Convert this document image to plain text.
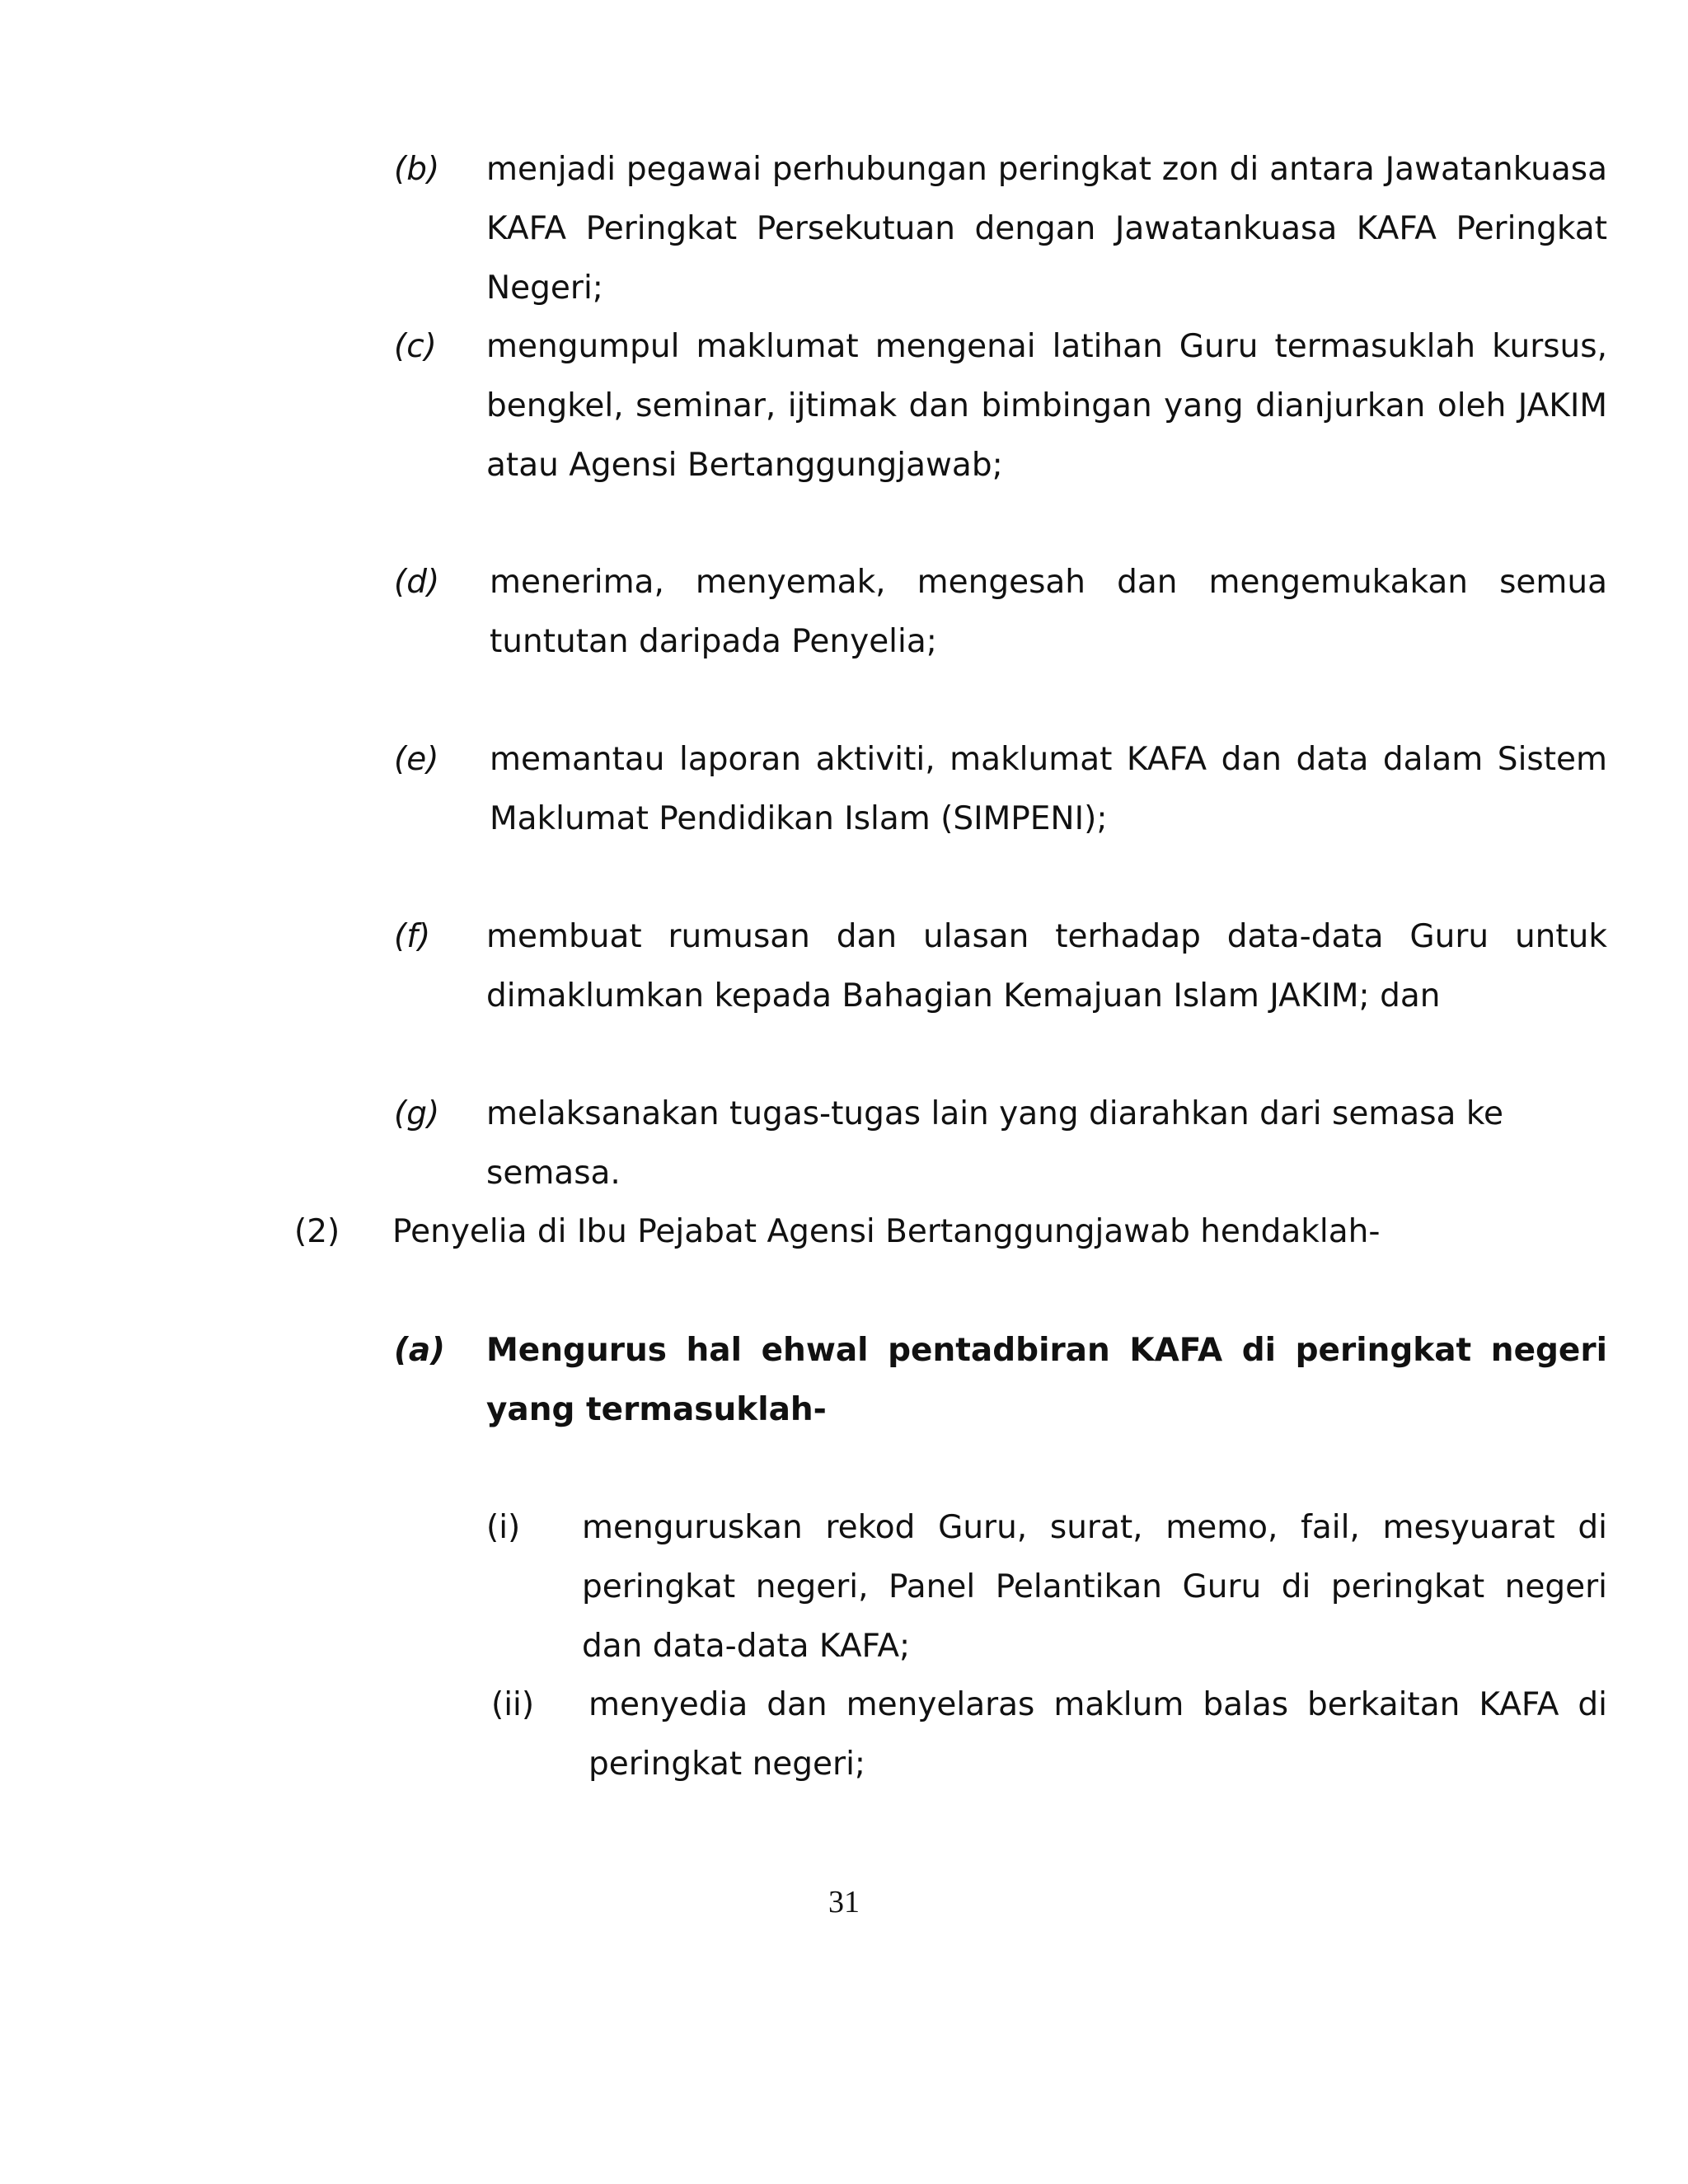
(b) menjadi pegawai perhubungan peringkat zon di antara Jawatankuasa KAFA Peringkat Persekutuan dengan Jawatankuasa KAFA Peringkat Negeri;

(c) mengumpul maklumat mengenai latihan Guru termasuklah kursus, bengkel, seminar, ijtimak dan bimbingan yang dianjurkan oleh JAKIM atau Agensi Bertanggungjawab;

(d) menerima, menyemak, mengesah dan mengemukakan semua tuntutan daripada Penyelia;

(e) memantau laporan aktiviti, maklumat KAFA dan data dalam Sistem Maklumat Pendidikan Islam (SIMPENI);

(f) membuat rumusan dan ulasan terhadap data-data Guru untuk dimaklumkan kepada Bahagian Kemajuan Islam JAKIM; dan

(g) melaksanakan tugas-tugas lain yang diarahkan dari semasa ke semasa.

(2) Penyelia di Ibu Pejabat Agensi Bertanggungjawab hendaklah-

(a) Mengurus hal ehwal pentadbiran KAFA di peringkat negeri yang termasuklah-

(i) menguruskan rekod Guru, surat, memo, fail, mesyuarat di peringkat negeri, Panel Pelantikan Guru di peringkat negeri dan data-data KAFA;

(ii) menyedia dan menyelaras maklum balas berkaitan KAFA di peringkat negeri;

31
